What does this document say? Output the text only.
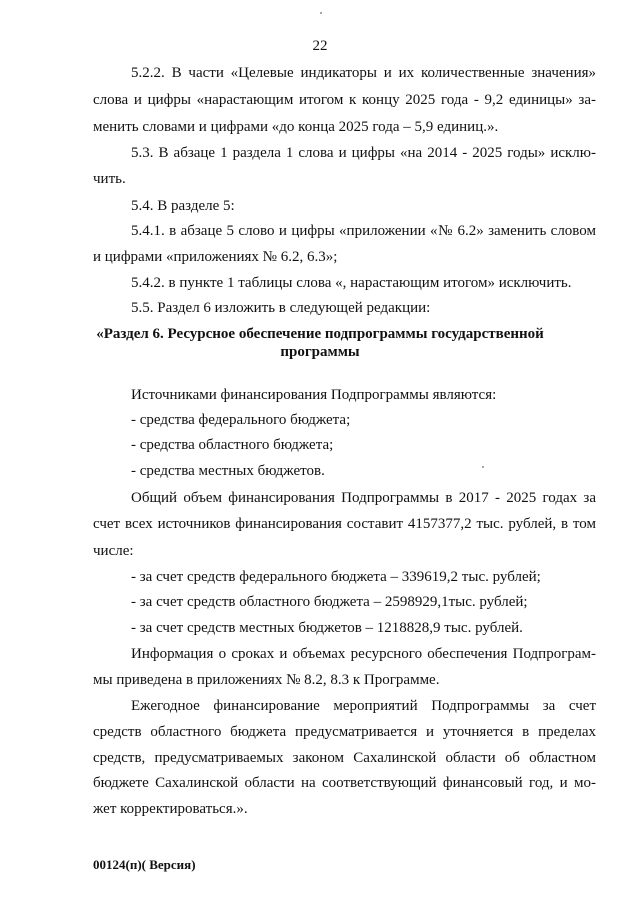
22
5.2.2. В части «Целевые индикаторы и их количественные значения»
слова и цифры «нарастающим итогом к концу 2025 года - 9,2 единицы» за-
менить словами и цифрами «до конца 2025 года – 5,9 единиц.».
5.3. В абзаце 1 раздела 1 слова и цифры «на 2014 - 2025 годы» исклю-
чить.
5.4. В разделе 5:
5.4.1. в абзаце 5 слово и цифры «приложении «№ 6.2» заменить словом
и цифрами «приложениях № 6.2, 6.3»;
5.4.2. в пункте 1 таблицы слова «, нарастающим итогом» исключить.
5.5. Раздел 6 изложить в следующей редакции:
«Раздел 6. Ресурсное обеспечение подпрограммы государственной
программы
Источниками финансирования Подпрограммы являются:
- средства федерального бюджета;
- средства областного бюджета;
- средства местных бюджетов.
Общий объем финансирования Подпрограммы в 2017 - 2025 годах за
счет всех источников финансирования составит 4157377,2 тыс. рублей, в том
числе:
- за счет средств федерального бюджета – 339619,2 тыс. рублей;
- за счет средств областного бюджета – 2598929,1тыс. рублей;
- за счет средств местных бюджетов – 1218828,9 тыс. рублей.
Информация о сроках и объемах ресурсного обеспечения Подпрограм-
мы приведена в приложениях № 8.2, 8.3 к Программе.
Ежегодное финансирование мероприятий Подпрограммы за счет
средств областного бюджета предусматривается и уточняется в пределах
средств, предусматриваемых законом Сахалинской области об областном
бюджете Сахалинской области на соответствующий финансовый год, и мо-
жет корректироваться.».
00124(п)( Версия)
